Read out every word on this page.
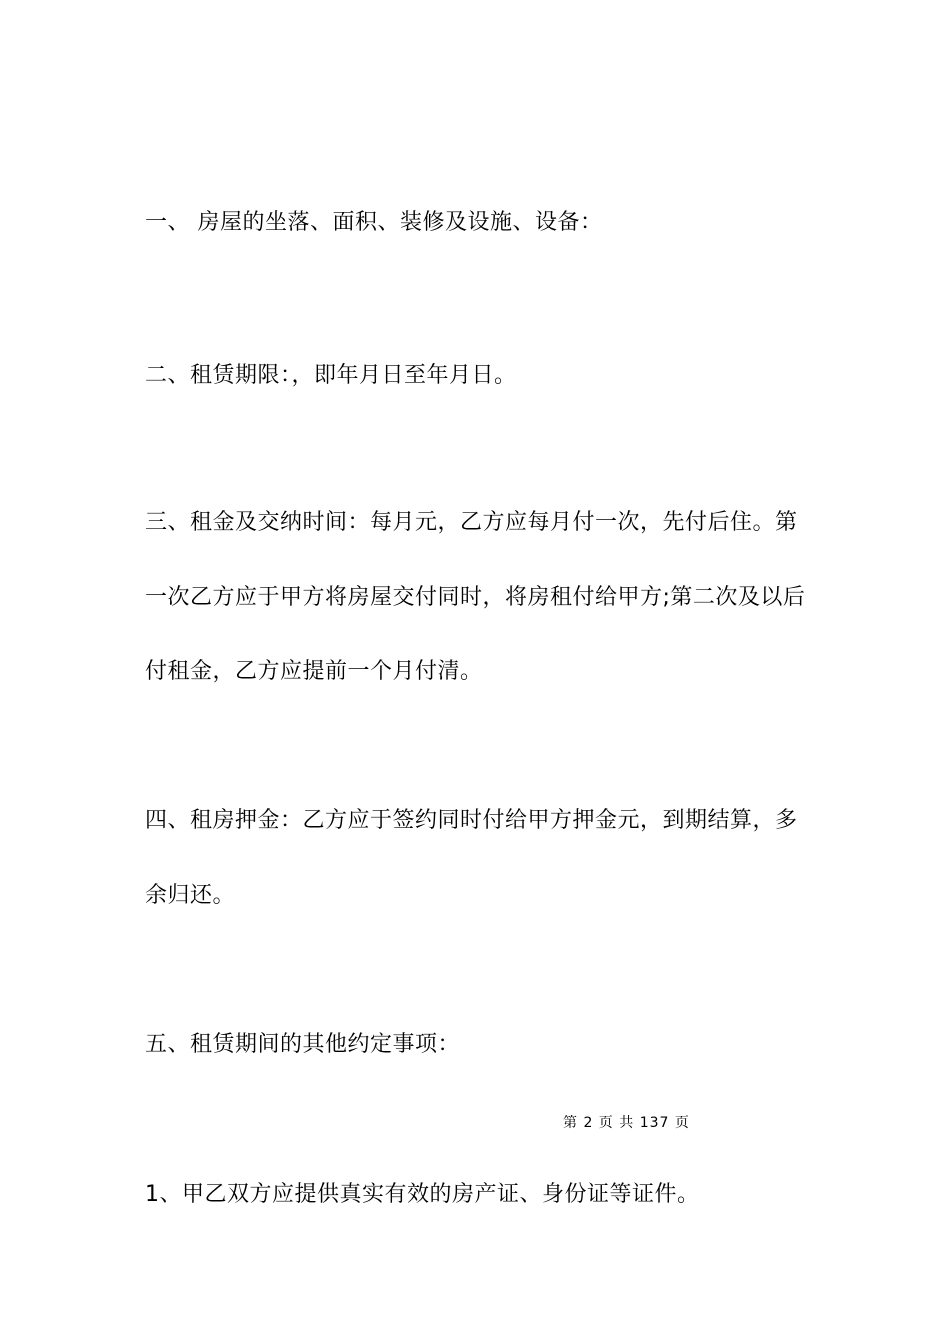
一、 房屋的坐落、面积、装修及设施、设备：
二、租赁期限：，即年月日至年月日。
三、租金及交纳时间：每月元，乙方应每月付一次，先付后住。第
一次乙方应于甲方将房屋交付同时，将房租付给甲方;第二次及以后
付租金，乙方应提前一个月付清。
四、租房押金：乙方应于签约同时付给甲方押金元，到期结算，多
余归还。
五、租赁期间的其他约定事项：
第 2 页 共 137 页
1、甲乙双方应提供真实有效的房产证、身份证等证件。
